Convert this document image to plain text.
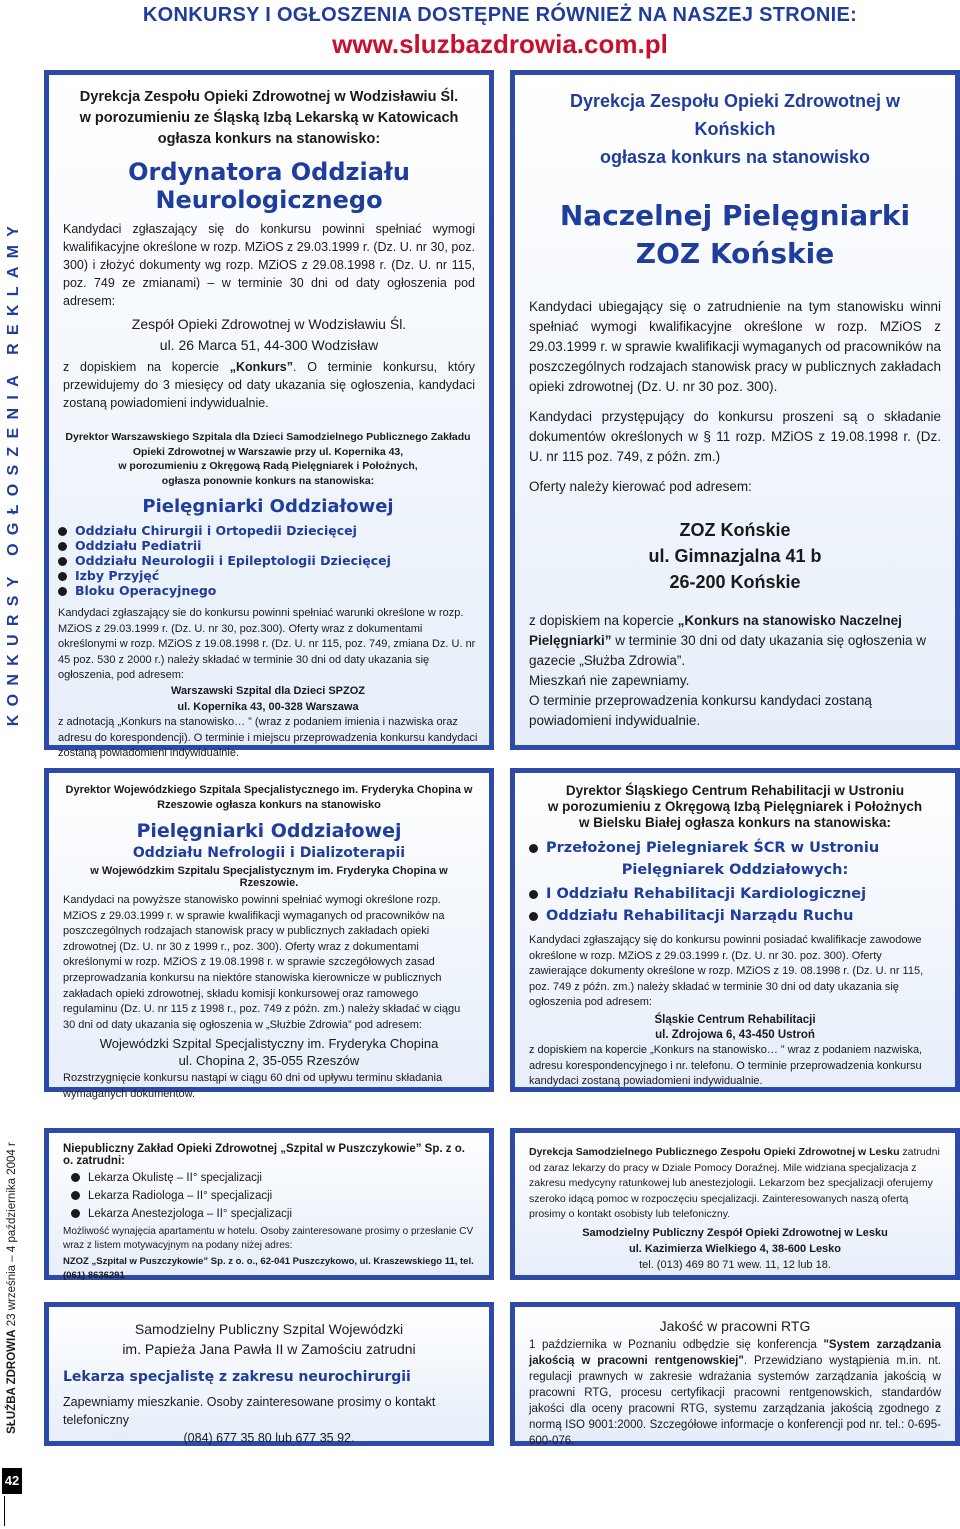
KONKURSY I OGŁOSZENIA DOSTĘPNE RÓWNIEŻ NA NASZEJ STRONIE:
www.sluzbazdrowia.com.pl
KONKURSY OGŁOSZENIA REKLAMY
SŁUŻBA ZDROWIA 23 września – 4 października 2004 r
42
Dyrekcja Zespołu Opieki Zdrowotnej w Wodzisławiu Śl.
w porozumieniu ze Śląską Izbą Lekarską w Katowicach
ogłasza konkurs na stanowisko:
Ordynatora Oddziału
Neurologicznego

Kandydaci zgłaszający się do konkursu powinni spełniać wymogi kwalifikacyjne określone w rozp. MZiOS z 29.03.1999 r. (Dz. U. nr 30, poz. 300) i złożyć dokumenty wg rozp. MZiOS z 29.08.1998 r. (Dz. U. nr 115, poz. 749 ze zmianami) – w terminie 30 dni od daty ogłoszenia pod adresem:

Zespół Opieki Zdrowotnej w Wodzisławiu Śl.
ul. 26 Marca 51, 44-300 Wodzisław

z dopiskiem na kopercie „Konkurs”. O terminie konkursu, który przewidujemy do 3 miesięcy od daty ukazania się ogłoszenia, kandydaci zostaną powiadomieni indywidualnie.

Dyrektor Warszawskiego Szpitala dla Dzieci Samodzielnego Publicznego Zakładu
Opieki Zdrowotnej w Warszawie przy ul. Kopernika 43,
w porozumieniu z Okręgową Radą Pielęgniarek i Położnych,
ogłasza ponownie konkurs na stanowiska:
Pielęgniarki Oddziałowej
Oddziału Chirurgii i Ortopedii Dziecięcej
Oddziału Pediatrii
Oddziału Neurologii i Epileptologii Dziecięcej
Izby Przyjęć
Bloku Operacyjnego

Kandydaci zgłaszający sie do konkursu powinni spełniać warunki określone w rozp. MZiOS z 29.03.1999 r. (Dz. U. nr 30, poz.300). Oferty wraz z dokumentami określonymi w rozp. MZiOS z 19.08.1998 r. (Dz. U. nr 115, poz. 749, zmiana Dz. U. nr 45 poz. 530 z 2000 r.) należy składać w terminie 30 dni od daty ukazania się ogłoszenia, pod adresem:

Warszawski Szpital dla Dzieci SPZOZ
ul. Kopernika 43, 00-328 Warszawa

z adnotacją „Konkurs na stanowisko… ” (wraz z podaniem imienia i nazwiska oraz adresu do korespondencji). O terminie i miejscu przeprowadzenia konkursu kandydaci zostaną powiadomieni indywidualnie.

Dyrekcja Zespołu Opieki Zdrowotnej w Końskich
ogłasza konkurs na stanowisko
Naczelnej Pielęgniarki
ZOZ Końskie

Kandydaci ubiegający się o zatrudnienie na tym stanowisku winni spełniać wymogi kwalifikacyjne określone w rozp. MZiOS z 29.03.1999 r. w sprawie kwalifikacji wymaganych od pracowników na poszczególnych rodzajach stanowisk pracy w publicznych zakładach opieki zdrowotnej (Dz. U. nr 30 poz. 300).

Kandydaci przystępujący do konkursu proszeni są o składanie dokumentów określonych w § 11 rozp. MZiOS z 19.08.1998 r. (Dz. U. nr 115 poz. 749, z późn. zm.)

Oferty należy kierować pod adresem:

ZOZ Końskie
ul. Gimnazjalna 41 b
26-200 Końskie

z dopiskiem na kopercie „Konkurs na stanowisko Naczelnej Pielęgniarki” w terminie 30 dni od daty ukazania się ogłoszenia w gazecie „Służba Zdrowia”.

Mieszkań nie zapewniamy.

O terminie przeprowadzenia konkursu kandydaci zostaną powiadomieni indywidualnie.

Dyrektor Wojewódzkiego Szpitala Specjalistycznego im. Fryderyka Chopina w
Rzeszowie ogłasza konkurs na stanowisko
Pielęgniarki Oddziałowej
Oddziału Nefrologii i Dializoterapii
w Wojewódzkim Szpitalu Specjalistycznym im. Fryderyka Chopina w Rzeszowie.

Kandydaci na powyższe stanowisko powinni spełniać wymogi określone rozp. MZiOS z 29.03.1999 r. w sprawie kwalifikacji wymaganych od pracowników na poszczególnych rodzajach stanowisk pracy w publicznych zakładach opieki zdrowotnej (Dz. U. nr 30 z 1999 r., poz. 300). Oferty wraz z dokumentami określonymi w rozp. MZiOS z 19.08.1998 r. w sprawie szczegółowych zasad przeprowadzania konkursu na niektóre stanowiska kierownicze w publicznych zakładach opieki zdrowotnej, składu komisji konkursowej oraz ramowego regulaminu (Dz. U. nr 115 z 1998 r., poz. 749 z późn. zm.) należy składać w ciągu 30 dni od daty ukazania się ogłoszenia w „Służbie Zdrowia” pod adresem:

Wojewódzki Szpital Specjalistyczny im. Fryderyka Chopina
ul. Chopina 2, 35-055 Rzeszów

Rozstrzygnięcie konkursu nastąpi w ciągu 60 dni od upływu terminu składania wymaganych dokumentów.

Dyrektor Śląskiego Centrum Rehabilitacji w Ustroniu
w porozumieniu z Okręgową Izbą Pielęgniarek i Położnych
w Bielsku Białej ogłasza konkurs na stanowiska:
Przełożonej Pielegniarek ŚCR w Ustroniu
Pielęgniarek Oddziałowych:
I Oddziału Rehabilitacji Kardiologicznej
Oddziału Rehabilitacji Narządu Ruchu

Kandydaci zgłaszający się do konkursu powinni posiadać kwalifikacje zawodowe określone w rozp. MZiOS z 29.03.1999 r. (Dz. U. nr 30. poz. 300). Oferty zawierające dokumenty określone w rozp. MZiOS z 19. 08.1998 r. (Dz. U. nr 115, poz. 749 z późn. zm.) należy składać w terminie 30 dni od daty ukazania się ogłoszenia pod adresem:

Śląskie Centrum Rehabilitacji
ul. Zdrojowa 6, 43-450 Ustroń

z dopiskiem na kopercie „Konkurs na stanowisko… ” wraz z podaniem nazwiska, adresu korespondencyjnego i nr. telefonu. O terminie przeprowadzenia konkursu kandydaci zostaną powiadomieni indywidualnie.

Niepubliczny Zakład Opieki Zdrowotnej „Szpital w Puszczykowie” Sp. z o. o. zatrudni:
Lekarza Okulistę – II° specjalizacji
Lekarza Radiologa – II° specjalizacji
Lekarza Anestezjologa – II° specjalizacji

Możliwość wynajęcia apartamentu w hotelu. Osoby zainteresowane prosimy o przesłanie CV wraz z listem motywacyjnym na podany niżej adres:

NZOZ „Szpital w Puszczykowie” Sp. z o. o., 62-041 Puszczykowo, ul. Kraszewskiego 11, tel. (061) 8636291

Dyrekcja Samodzielnego Publicznego Zespołu Opieki Zdrowotnej w Lesku zatrudni od zaraz lekarzy do pracy w Dziale Pomocy Doraźnej. Mile widziana specjalizacja z zakresu medycyny ratunkowej lub anestezjologii. Lekarzom bez specjalizacji oferujemy szeroko idącą pomoc w rozpoczęciu specjalizacji. Zainteresowanych naszą ofertą prosimy o kontakt osobisty lub telefoniczny.

Samodzielny Publiczny Zespół Opieki Zdrowotnej w Lesku
ul. Kazimierza Wielkiego 4, 38-600 Lesko
tel. (013) 469 80 71 wew. 11, 12 lub 18.
Samodzielny Publiczny Szpital Wojewódzki
im. Papieża Jana Pawła II w Zamościu zatrudni
Lekarza specjalistę z zakresu neurochirurgii

Zapewniamy mieszkanie. Osoby zainteresowane prosimy o kontakt telefoniczny

(084) 677 35 80 lub 677 35 92.

Jakość w pracowni RTG

1 października w Poznaniu odbędzie się konferencja "System zarządzania jakością w pracowni rentgenowskiej". Przewidziano wystąpienia m.in. nt. regulacji prawnych w zakresie wdrażania systemów zarządzania jakością w pracowni RTG, procesu certyfikacji pracowni rentgenowskich, standardów jakości dla oceny pracowni RTG, systemu zarządzania jakością zgodnego z normą ISO 9001:2000. Szczegółowe informacje o konferencji pod nr. tel.: 0-695-600-076.
